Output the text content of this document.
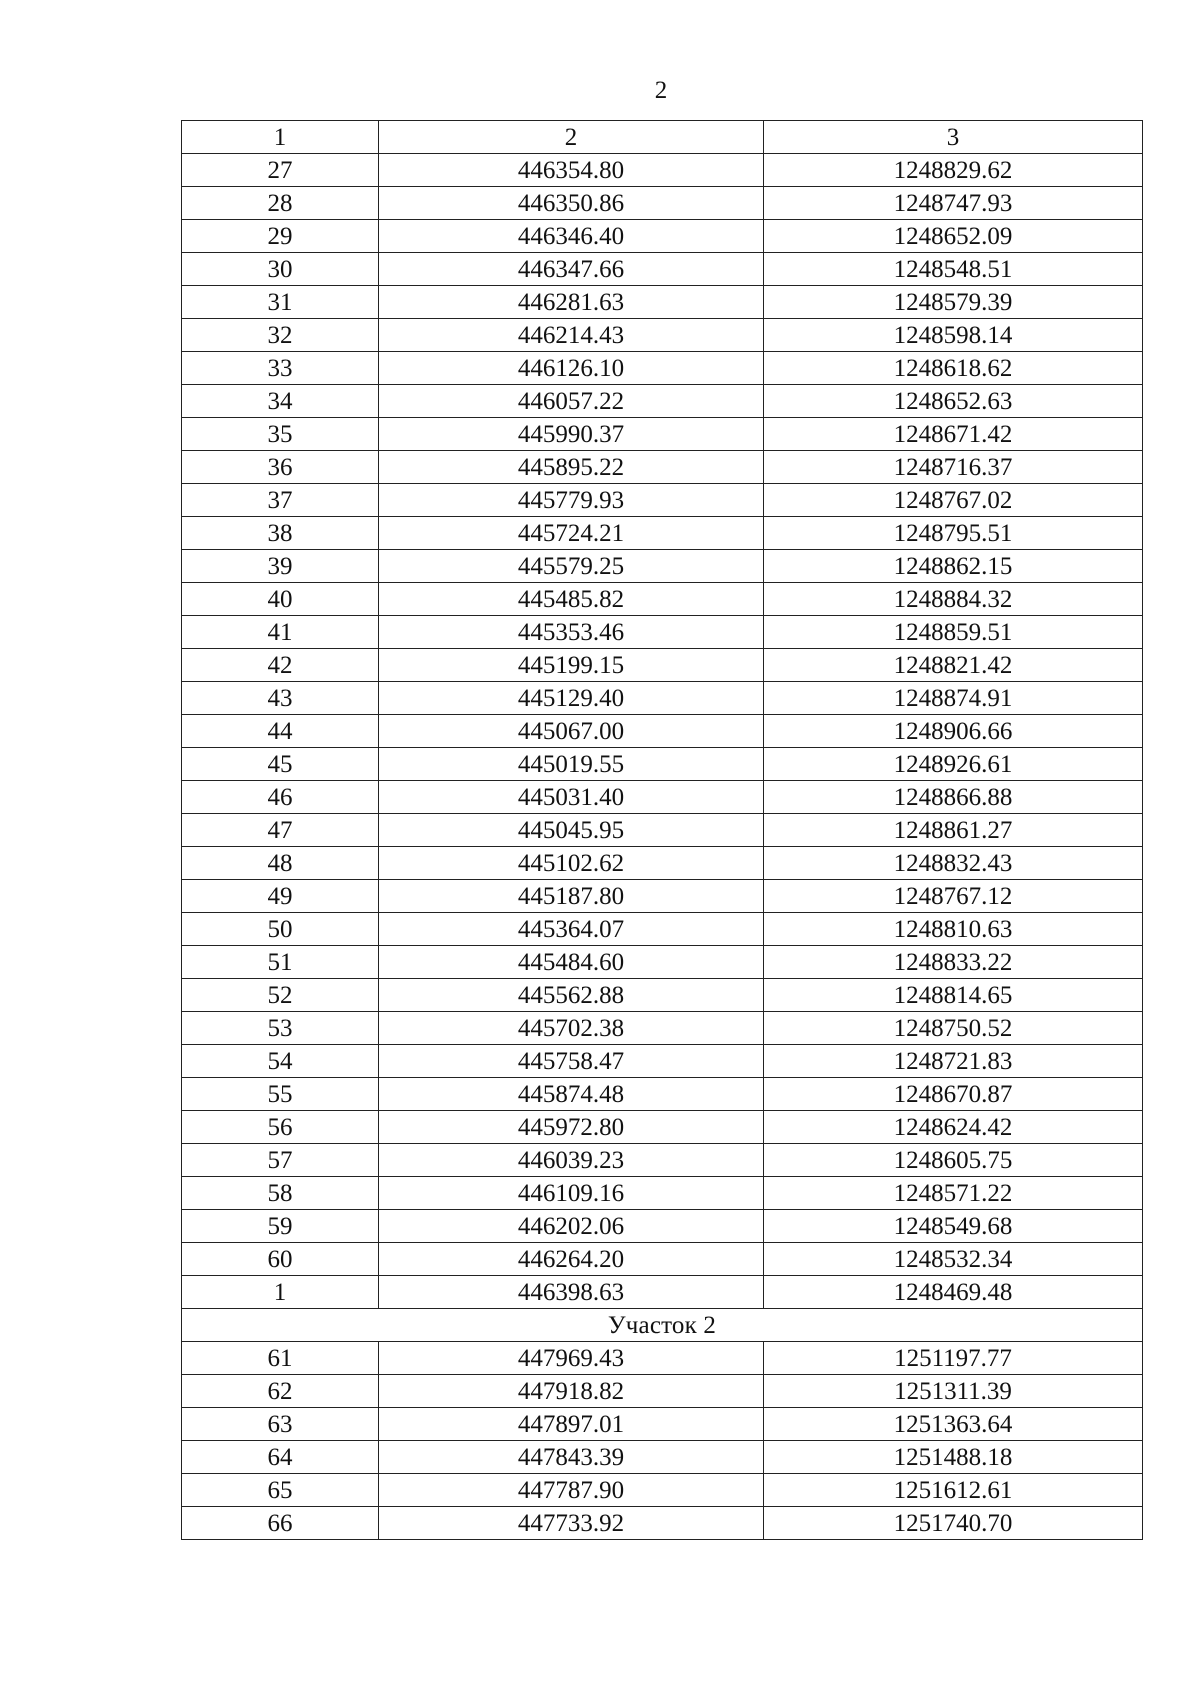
2
1	2	3
27	446354.80	1248829.62
28	446350.86	1248747.93
29	446346.40	1248652.09
30	446347.66	1248548.51
31	446281.63	1248579.39
32	446214.43	1248598.14
33	446126.10	1248618.62
34	446057.22	1248652.63
35	445990.37	1248671.42
36	445895.22	1248716.37
37	445779.93	1248767.02
38	445724.21	1248795.51
39	445579.25	1248862.15
40	445485.82	1248884.32
41	445353.46	1248859.51
42	445199.15	1248821.42
43	445129.40	1248874.91
44	445067.00	1248906.66
45	445019.55	1248926.61
46	445031.40	1248866.88
47	445045.95	1248861.27
48	445102.62	1248832.43
49	445187.80	1248767.12
50	445364.07	1248810.63
51	445484.60	1248833.22
52	445562.88	1248814.65
53	445702.38	1248750.52
54	445758.47	1248721.83
55	445874.48	1248670.87
56	445972.80	1248624.42
57	446039.23	1248605.75
58	446109.16	1248571.22
59	446202.06	1248549.68
60	446264.20	1248532.34
1	446398.63	1248469.48
Участок 2		
61	447969.43	1251197.77
62	447918.82	1251311.39
63	447897.01	1251363.64
64	447843.39	1251488.18
65	447787.90	1251612.61
66	447733.92	1251740.70
